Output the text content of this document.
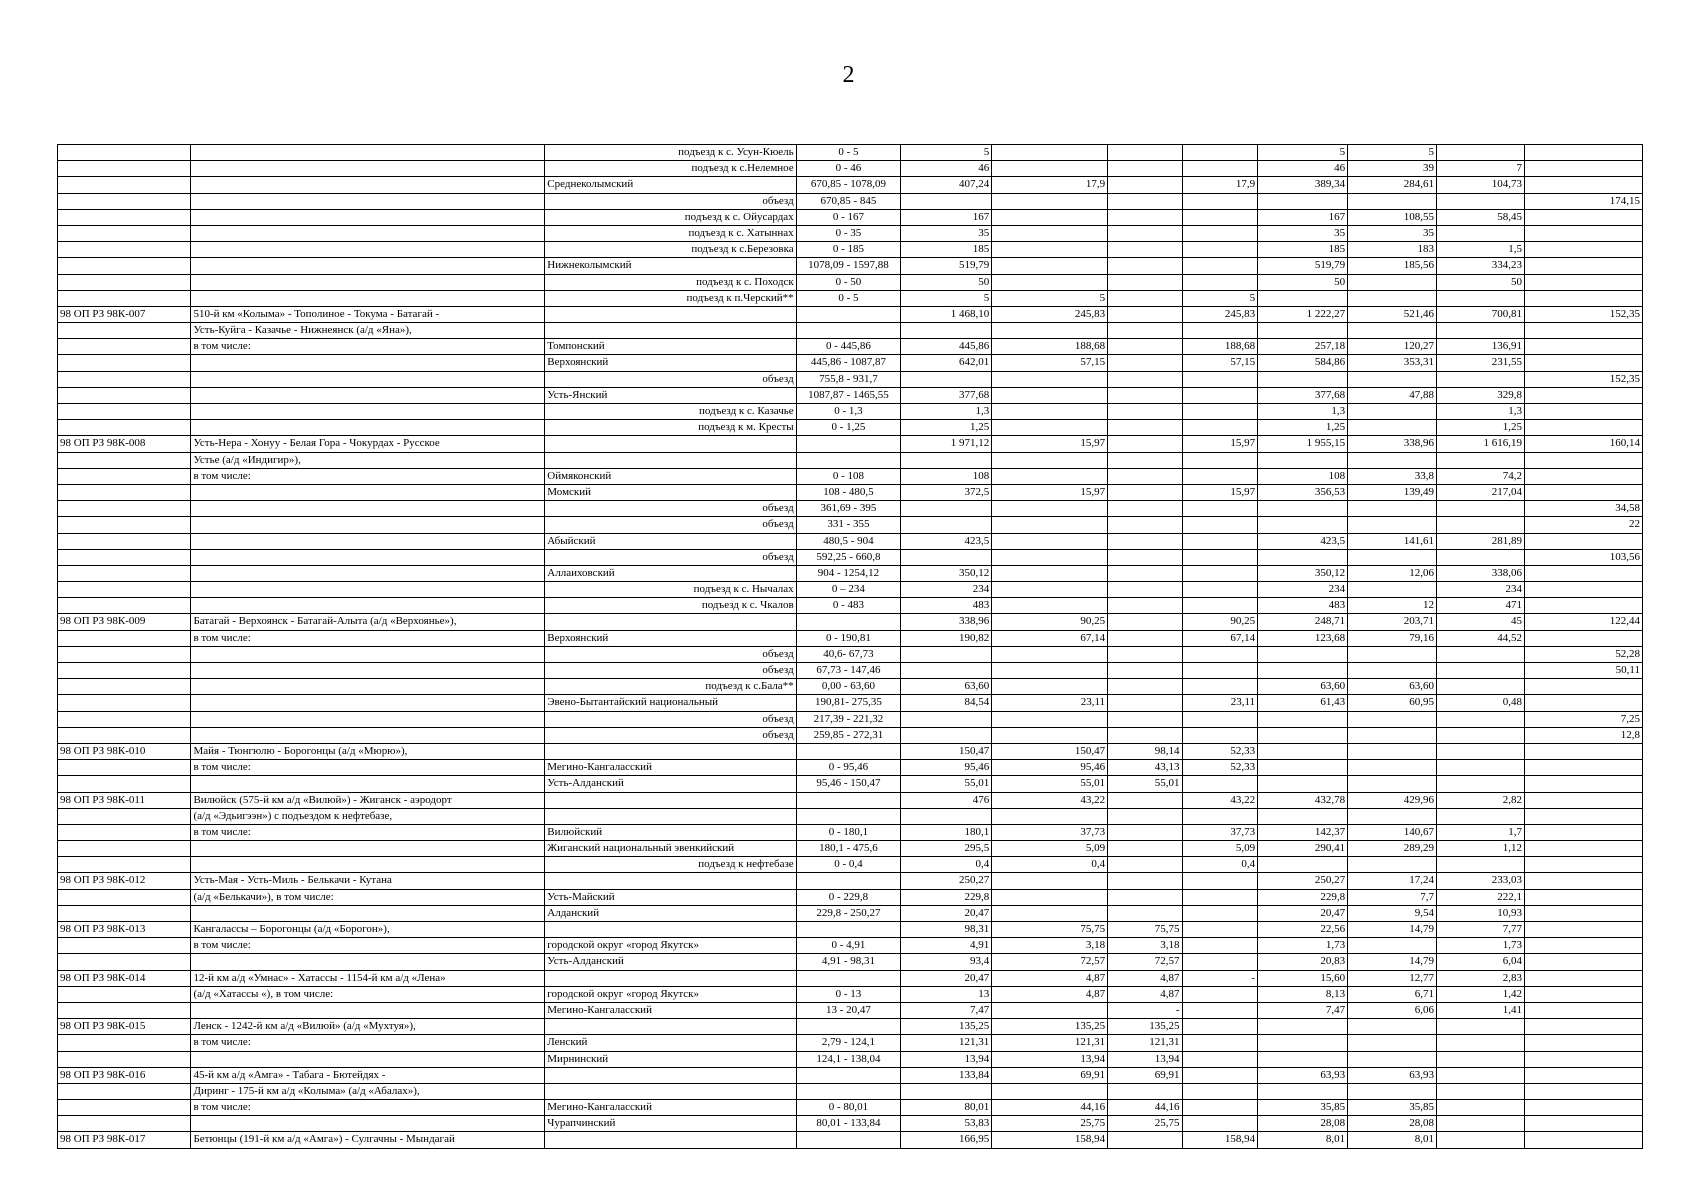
2
		подъезд к с. Усун-Кюель	0 - 5	5				5	5		
		подъезд к с.Нелемное	0 - 46	46				46	39	7	
		Среднеколымский	670,85 - 1078,09	407,24	17,9		17,9	389,34	284,61	104,73	
		объезд	670,85 - 845								174,15
		подъезд к с. Ойусардах	0 - 167	167				167	108,55	58,45	
		подъезд к с. Хатыннах	0 - 35	35				35	35		
		подъезд к с.Березовка	0 - 185	185				185	183	1,5	
		Нижнеколымский	1078,09 - 1597,88	519,79				519,79	185,56	334,23	
		подъезд к с. Походск	0 - 50	50				50		50	
		подъезд к п.Черский**	0 - 5	5	5		5				
98 ОП РЗ 98К-007	510-й км «Колыма» - Тополиное - Токума - Батагай -			1 468,10	245,83		245,83	1 222,27	521,46	700,81	152,35
	Усть-Куйга - Казачье - Нижнеянск (а/д «Яна»),										
	в том числе:	Томпонский	0 - 445,86	445,86	188,68		188,68	257,18	120,27	136,91	
		Верхоянский	445,86 - 1087,87	642,01	57,15		57,15	584,86	353,31	231,55	
		объезд	755,8 - 931,7								152,35
		Усть-Янский	1087,87 - 1465,55	377,68				377,68	47,88	329,8	
		подъезд к с. Казачье	0 - 1,3	1,3				1,3		1,3	
		подъезд к м. Кресты	0 - 1,25	1,25				1,25		1,25	
98 ОП РЗ 98К-008	Усть-Нера - Хонуу - Белая Гора - Чокурдах - Русское			1 971,12	15,97		15,97	1 955,15	338,96	1 616,19	160,14
	Устье (а/д «Индигир»),										
	в том числе:	Оймяконский	0 - 108	108				108	33,8	74,2	
		Момский	108 - 480,5	372,5	15,97		15,97	356,53	139,49	217,04	
		объезд	361,69 - 395								34,58
		объезд	331 - 355								22
		Абыйский	480,5 - 904	423,5				423,5	141,61	281,89	
		объезд	592,25 - 660,8								103,56
		Аллаиховский	904 - 1254,12	350,12				350,12	12,06	338,06	
		подъезд к с. Нычалах	0 – 234	234				234		234	
		подъезд к с. Чкалов	0 - 483	483				483	12	471	
98 ОП РЗ 98К-009	Батагай - Верхоянск - Батагай-Алыта (а/д «Верхоянье»),			338,96	90,25		90,25	248,71	203,71	45	122,44
	в том числе:	Верхоянский	0 - 190,81	190,82	67,14		67,14	123,68	79,16	44,52	
		объезд	40,6- 67,73								52,28
		объезд	67,73 - 147,46								50,11
		подъезд к с.Бала**	0,00 - 63,60	63,60				63,60	63,60		
		Эвено-Бытантайский национальный	190,81- 275,35	84,54	23,11		23,11	61,43	60,95	0,48	
		объезд	217,39 - 221,32								7,25
		объезд	259,85 - 272,31								12,8
98 ОП РЗ 98К-010	Майя - Тюнгюлю - Борогонцы (а/д «Мюрю»),			150,47	150,47	98,14	52,33				
	в том числе:	Мегино-Кангаласский	0 - 95,46	95,46	95,46	43,13	52,33				
		Усть-Алданский	95,46 - 150,47	55,01	55,01	55,01					
98 ОП РЗ 98К-011	Вилюйск (575-й км а/д «Вилюй») - Жиганск - аэродорт			476	43,22		43,22	432,78	429,96	2,82	
	(а/д «Эдьигээн») с подъездом к нефтебазе,										
	в том числе:	Вилюйский	0 - 180,1	180,1	37,73		37,73	142,37	140,67	1,7	
		Жиганский национальный эвенкийский	180,1 - 475,6	295,5	5,09		5,09	290,41	289,29	1,12	
		подъезд к нефтебазе	0 - 0,4	0,4	0,4		0,4				
98 ОП РЗ 98К-012	Усть-Мая - Усть-Миль - Белькачи - Кутана			250,27				250,27	17,24	233,03	
	(а/д «Белькачи»), в том числе:	Усть-Майский	0 - 229,8	229,8				229,8	7,7	222,1	
		Алданский	229,8 - 250,27	20,47				20,47	9,54	10,93	
98 ОП РЗ 98К-013	Кангалассы – Борогонцы (а/д «Борогон»),			98,31	75,75	75,75		22,56	14,79	7,77	
	в том числе:	городской округ «город Якутск»	0 - 4,91	4,91	3,18	3,18		1,73		1,73	
		Усть-Алданский	4,91 - 98,31	93,4	72,57	72,57		20,83	14,79	6,04	
98 ОП РЗ 98К-014	12-й км а/д «Умнас» - Хатассы - 1154-й км а/д «Лена»			20,47	4,87	4,87	-	15,60	12,77	2,83	
	(а/д «Хатассы «), в том числе:	городской округ «город Якутск»	0 - 13	13	4,87	4,87		8,13	6,71	1,42	
		Мегино-Кангаласский	13 - 20,47	7,47		-		7,47	6,06	1,41	
98 ОП РЗ 98К-015	Ленск - 1242-й км а/д «Вилюй» (а/д «Мухтуя»),			135,25	135,25	135,25					
	в том числе:	Ленский	2,79 - 124,1	121,31	121,31	121,31					
		Мирнинский	124,1 - 138,04	13,94	13,94	13,94					
98 ОП РЗ 98К-016	45-й км а/д «Амга» - Табага - Бютейдях -			133,84	69,91	69,91		63,93	63,93		
	Диринг - 175-й км а/д «Колыма» (а/д «Абалах»),										
	в том числе:	Мегино-Кангаласский	0 - 80,01	80,01	44,16	44,16		35,85	35,85		
		Чурапчинский	80,01 - 133,84	53,83	25,75	25,75		28,08	28,08		
98 ОП РЗ 98К-017	Бетюнцы (191-й км а/д «Амга») - Сулгачны - Мындагай			166,95	158,94		158,94	8,01	8,01		
